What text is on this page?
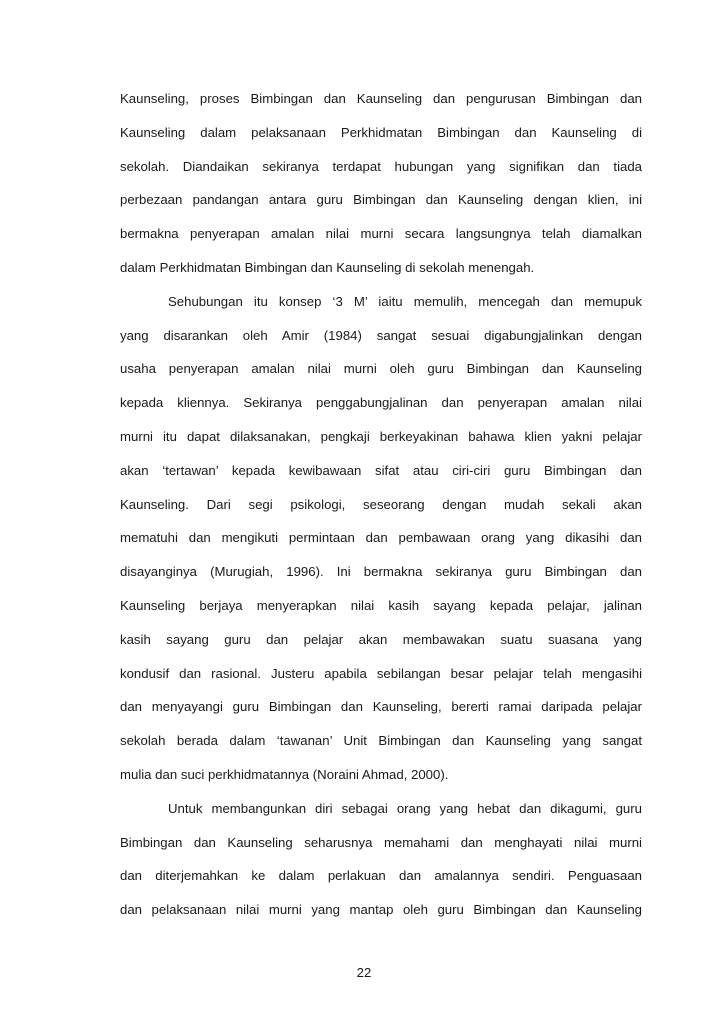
Kaunseling, proses Bimbingan dan Kaunseling dan pengurusan Bimbingan dan
Kaunseling dalam pelaksanaan Perkhidmatan Bimbingan dan Kaunseling di
sekolah. Diandaikan sekiranya terdapat hubungan yang signifikan dan tiada
perbezaan pandangan antara guru Bimbingan dan Kaunseling dengan klien, ini
bermakna penyerapan amalan nilai murni secara langsungnya telah diamalkan
dalam Perkhidmatan Bimbingan dan Kaunseling di sekolah menengah.
Sehubungan itu konsep ‘3 M’ iaitu memulih, mencegah dan memupuk
yang disarankan oleh Amir (1984) sangat sesuai digabungjalinkan dengan
usaha penyerapan amalan nilai murni oleh guru Bimbingan dan Kaunseling
kepada kliennya. Sekiranya penggabungjalinan dan penyerapan amalan nilai
murni itu dapat dilaksanakan, pengkaji berkeyakinan bahawa klien yakni pelajar
akan ‘tertawan’ kepada kewibawaan sifat atau ciri-ciri guru Bimbingan dan
Kaunseling. Dari segi psikologi, seseorang dengan mudah sekali akan
mematuhi dan mengikuti permintaan dan pembawaan orang yang dikasihi dan
disayanginya (Murugiah, 1996). Ini bermakna sekiranya guru Bimbingan dan
Kaunseling berjaya menyerapkan nilai kasih sayang kepada pelajar, jalinan
kasih sayang guru dan pelajar akan membawakan suatu suasana yang
kondusif dan rasional. Justeru apabila sebilangan besar pelajar telah mengasihi
dan menyayangi guru Bimbingan dan Kaunseling, bererti ramai daripada pelajar
sekolah berada dalam ‘tawanan’ Unit Bimbingan dan Kaunseling yang sangat
mulia dan suci perkhidmatannya (Noraini Ahmad, 2000).
Untuk membangunkan diri sebagai orang yang hebat dan dikagumi, guru
Bimbingan dan Kaunseling seharusnya memahami dan menghayati nilai murni
dan diterjemahkan ke dalam perlakuan dan amalannya sendiri. Penguasaan
dan pelaksanaan nilai murni yang mantap oleh guru Bimbingan dan Kaunseling
22
